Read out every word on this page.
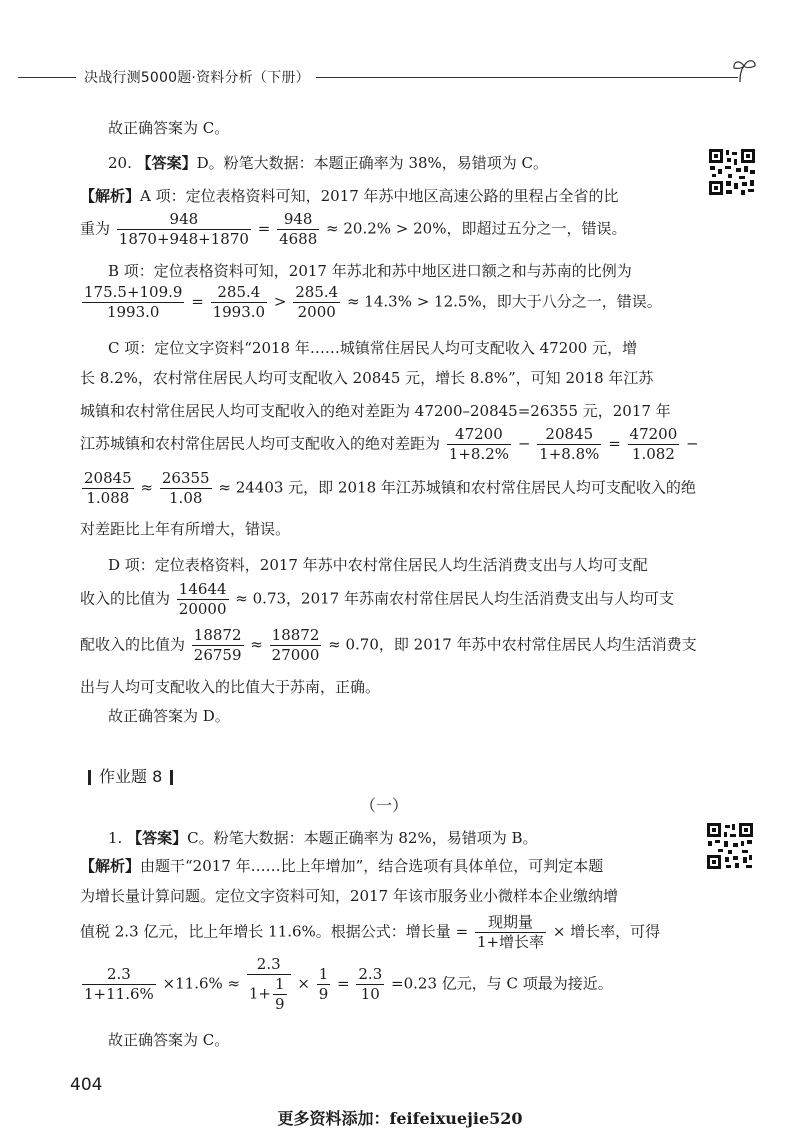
决战行测5000题·资料分析（下册）
故正确答案为 C。
20. 【答案】D。粉笔大数据：本题正确率为 38%，易错项为 C。
【解析】A 项：定位表格资料可知，2017 年苏中地区高速公路的里程占全省的比
重为 $\frac{948}{1870+948+1870} = \frac{948}{4688} \approx 20.2\% > 20\%$，即超过五分之一，错误。
B 项：定位表格资料可知，2017 年苏北和苏中地区进口额之和与苏南的比例为
$\frac{175.5+109.9}{1993.0} = \frac{285.4}{1993.0} > \frac{285.4}{2000} \approx 14.3\% > 12.5\%$，即大于八分之一，错误。
C 项：定位文字资料“2018 年……城镇常住居民人均可支配收入 47200 元，增
长 8.2%，农村常住居民人均可支配收入 20845 元，增长 8.8%”，可知 2018 年江苏
城镇和农村常住居民人均可支配收入的绝对差距为 47200–20845=26355 元，2017 年
江苏城镇和农村常住居民人均可支配收入的绝对差距为 $\frac{47200}{1+8.2\%} - \frac{20845}{1+8.8\%} = \frac{47200}{1.082}$ −
$\frac{20845}{1.088} \approx \frac{26355}{1.08} \approx 24403$ 元，即 2018 年江苏城镇和农村常住居民人均可支配收入的绝
对差距比上年有所增大，错误。
D 项：定位表格资料，2017 年苏中农村常住居民人均生活消费支出与人均可支配
收入的比值为 $\frac{14644}{20000} \approx 0.73$，2017 年苏南农村常住居民人均生活消费支出与人均可支
配收入的比值为 $\frac{18872}{26759} \approx \frac{18872}{27000} \approx 0.70$，即 2017 年苏中农村常住居民人均生活消费支
出与人均可支配收入的比值大于苏南，正确。
故正确答案为 D。
作业题 8
（一）
1. 【答案】C。粉笔大数据：本题正确率为 82%，易错项为 B。
【解析】由题干“2017 年……比上年增加”，结合选项有具体单位，可判定本题
为增长量计算问题。定位文字资料可知，2017 年该市服务业小微样本企业缴纳增
值税 2.3 亿元，比上年增长 11.6%。根据公式：增长量 = $\frac{\text{现期量}}{\text{1+增长率}}$ × 增长率，可得
$\frac{2.3}{1+11.6\%} \times 11.6\% \approx \frac{2.3}{1+ \frac{1}{9}} \times \frac{1}{9} = \frac{2.3}{10} =0.23$ 亿元，与 C 项最为接近。
故正确答案为 C。
404
更多资料添加：feifeixuejie520
